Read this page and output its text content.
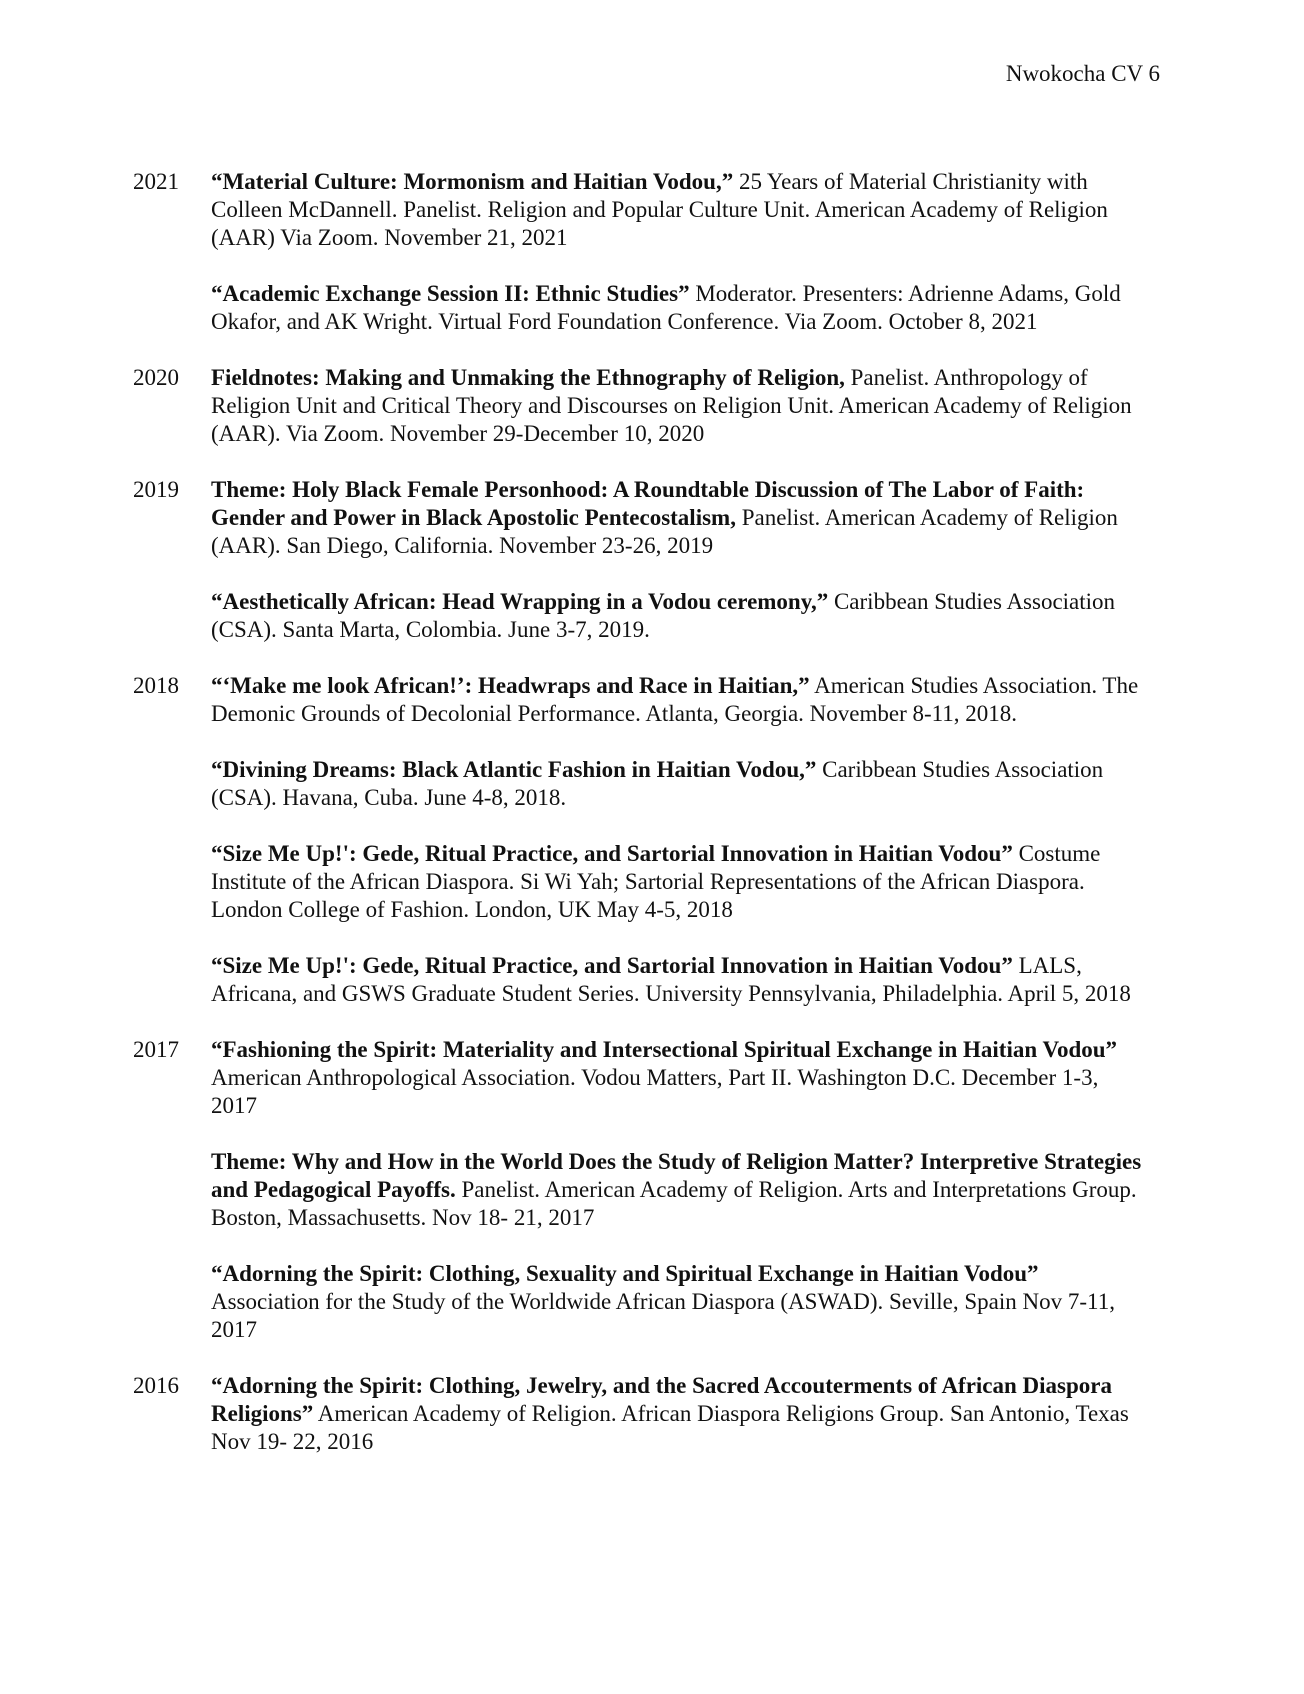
Nwokocha CV 6
2021 “Material Culture: Mormonism and Haitian Vodou,” 25 Years of Material Christianity with Colleen McDannell. Panelist. Religion and Popular Culture Unit. American Academy of Religion (AAR) Via Zoom. November 21, 2021

“Academic Exchange Session II: Ethnic Studies” Moderator. Presenters: Adrienne Adams, Gold Okafor, and AK Wright. Virtual Ford Foundation Conference. Via Zoom. October 8, 2021

2020 Fieldnotes: Making and Unmaking the Ethnography of Religion, Panelist. Anthropology of Religion Unit and Critical Theory and Discourses on Religion Unit. American Academy of Religion (AAR). Via Zoom. November 29-December 10, 2020

2019 Theme: Holy Black Female Personhood: A Roundtable Discussion of The Labor of Faith: Gender and Power in Black Apostolic Pentecostalism, Panelist. American Academy of Religion (AAR). San Diego, California. November 23-26, 2019

“Aesthetically African: Head Wrapping in a Vodou ceremony,” Caribbean Studies Association (CSA). Santa Marta, Colombia. June 3-7, 2019.

2018 “‘Make me look African!’: Headwraps and Race in Haitian,” American Studies Association. The Demonic Grounds of Decolonial Performance. Atlanta, Georgia. November 8-11, 2018.

“Divining Dreams: Black Atlantic Fashion in Haitian Vodou,” Caribbean Studies Association (CSA). Havana, Cuba. June 4-8, 2018.

“Size Me Up!': Gede, Ritual Practice, and Sartorial Innovation in Haitian Vodou” Costume Institute of the African Diaspora. Si Wi Yah; Sartorial Representations of the African Diaspora. London College of Fashion. London, UK May 4-5, 2018

“Size Me Up!': Gede, Ritual Practice, and Sartorial Innovation in Haitian Vodou” LALS, Africana, and GSWS Graduate Student Series. University Pennsylvania, Philadelphia. April 5, 2018

2017 “Fashioning the Spirit: Materiality and Intersectional Spiritual Exchange in Haitian Vodou” American Anthropological Association. Vodou Matters, Part II. Washington D.C. December 1-3, 2017

Theme: Why and How in the World Does the Study of Religion Matter? Interpretive Strategies and Pedagogical Payoffs. Panelist. American Academy of Religion. Arts and Interpretations Group. Boston, Massachusetts. Nov 18- 21, 2017

“Adorning the Spirit: Clothing, Sexuality and Spiritual Exchange in Haitian Vodou” Association for the Study of the Worldwide African Diaspora (ASWAD). Seville, Spain Nov 7-11, 2017

2016 “Adorning the Spirit: Clothing, Jewelry, and the Sacred Accouterments of African Diaspora Religions” American Academy of Religion. African Diaspora Religions Group. San Antonio, Texas Nov 19- 22, 2016
